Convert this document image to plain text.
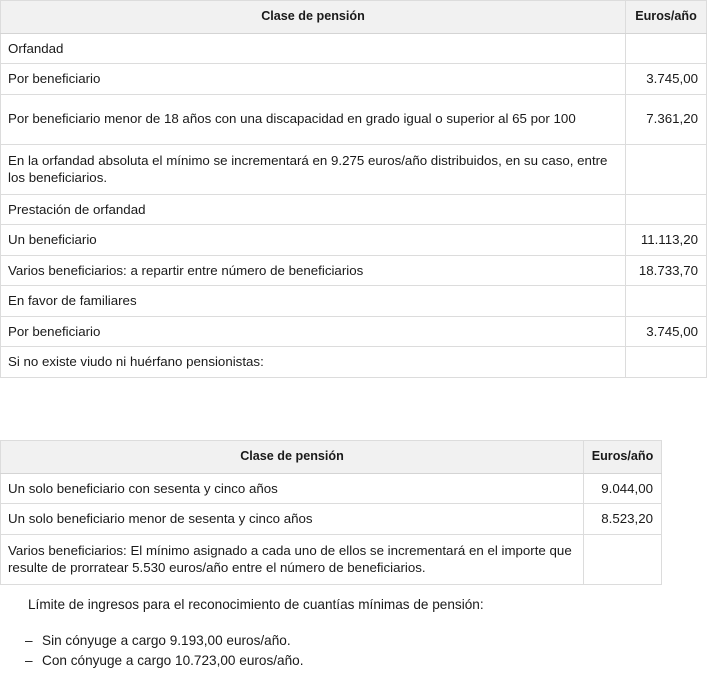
Clase de pensión	Euros/año
Orfandad	
Por beneficiario	3.745,00
Por beneficiario menor de 18 años con una discapacidad en grado igual o superior al 65 por 100	7.361,20
En la orfandad absoluta el mínimo se incrementará en 9.275 euros/año distribuidos, en su caso, entre los beneficiarios.	
Prestación de orfandad	
Un beneficiario	11.113,20
Varios beneficiarios: a repartir entre número de beneficiarios	18.733,70
En favor de familiares	
Por beneficiario	3.745,00
Si no existe viudo ni huérfano pensionistas:	
Clase de pensión	Euros/año
Un solo beneficiario con sesenta y cinco años	9.044,00
Un solo beneficiario menor de sesenta y cinco años	8.523,20
Varios beneficiarios: El mínimo asignado a cada uno de ellos se incrementará en el importe que resulte de prorratear 5.530 euros/año entre el número de beneficiarios.	
Límite de ingresos para el reconocimiento de cuantías mínimas de pensión:
– Sin cónyuge a cargo 9.193,00 euros/año.
– Con cónyuge a cargo 10.723,00 euros/año.
